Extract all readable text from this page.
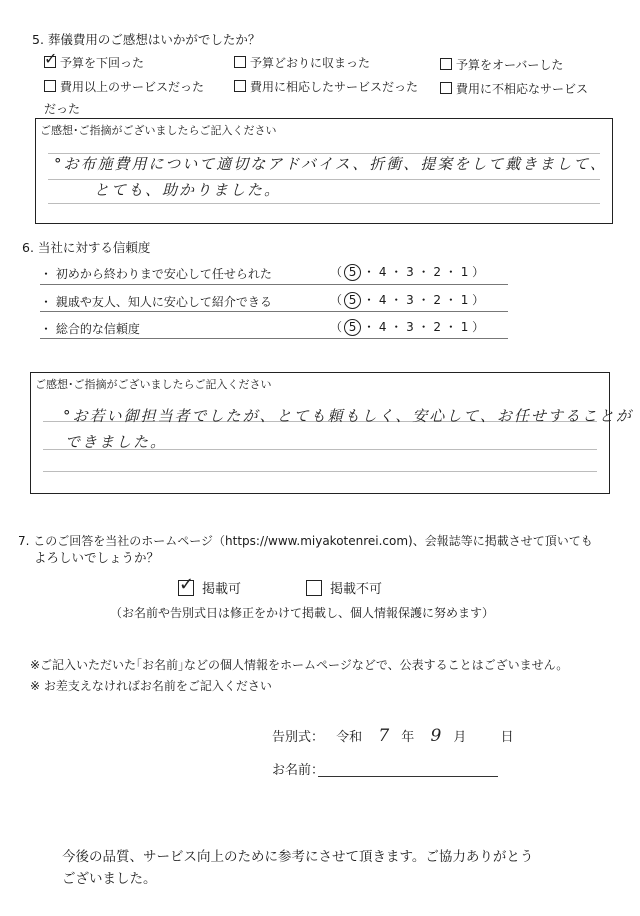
5. 葬儀費用のご感想はいかがでしたか？
✓ 予算を下回った	予算どおりに収まった	予算をオーバーした
費用以上のサービスだった	費用に相応したサービスだった	費用に不相応なサービス
だった
ご感想･ご指摘がございましたらご記入ください
°お布施費用について適切なアドバイス、折衝、提案をして戴きまして、
とても、助かりました。
6. 当社に対する信頼度
・ 初めから終わりまで安心して任せられた	（ 5 ・ 4 ・ 3 ・ 2 ・ 1 ）
・ 親戚や友人、知人に安心して紹介できる	（ 5 ・ 4 ・ 3 ・ 2 ・ 1 ）
・ 総合的な信頼度	（ 5 ・ 4 ・ 3 ・ 2 ・ 1 ）
ご感想･ご指摘がございましたらご記入ください
°お若い御担当者でしたが、とても頼もしく、安心して、お任せすることが
できました。
7. このご回答を当社のホームページ（https://www.miyakotenrei.com)、会報誌等に掲載させて頂いても
よろしいでしょうか？
✓ 掲載可	掲載不可
（お名前や告別式日は修正をかけて掲載し、個人情報保護に努めます）
※ご記入いただいた｢お名前｣などの個人情報をホームページなどで、公表することはございません。
※ お差支えなければお名前をご記入ください
告別式： 令和 7 年 9 月	日
お名前：
今後の品質、サービス向上のために参考にさせて頂きます。ご協力ありがとう
ございました。
